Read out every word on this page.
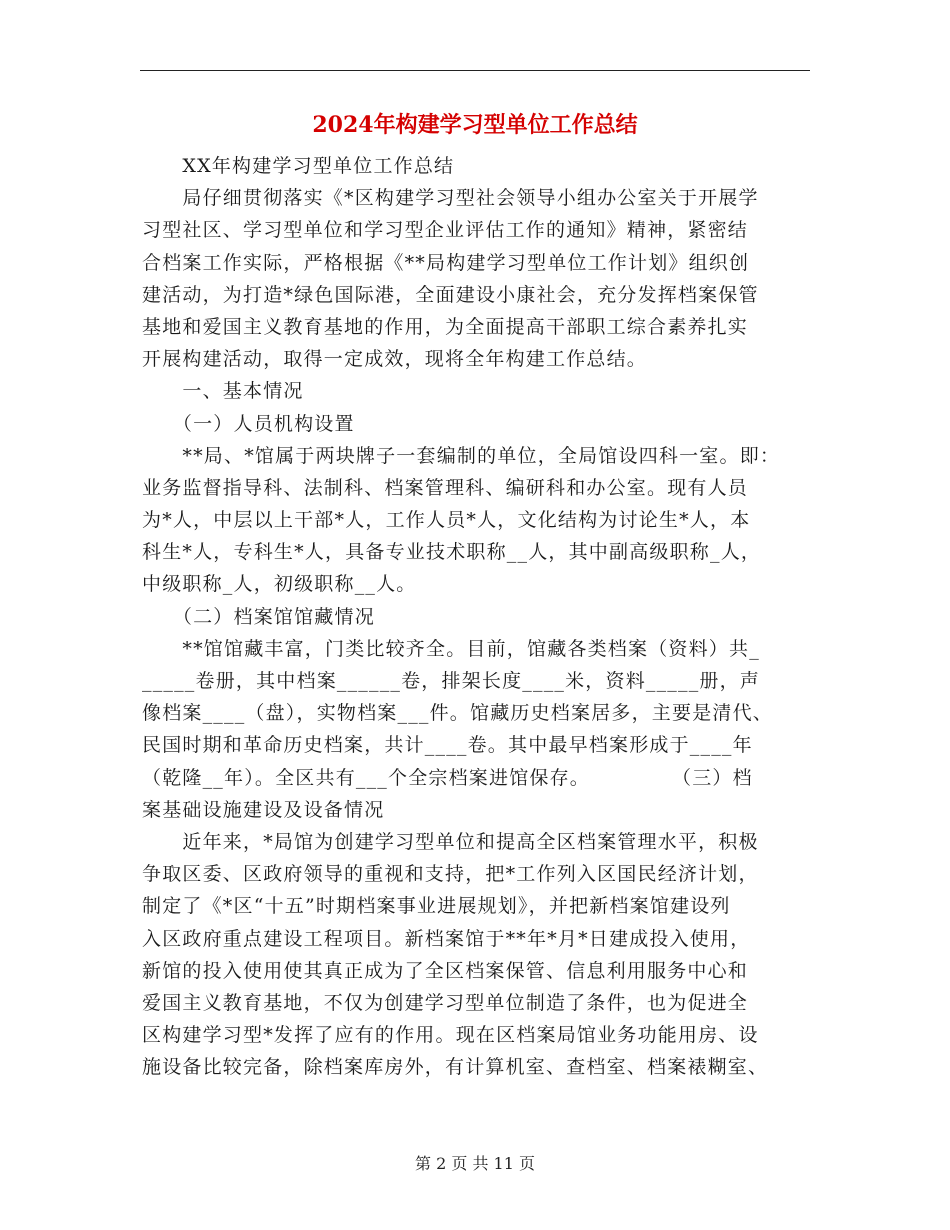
2024年构建学习型单位工作总结
　　XX年构建学习型单位工作总结
　　局仔细贯彻落实《*区构建学习型社会领导小组办公室关于开展学
习型社区、学习型单位和学习型企业评估工作的通知》精神，紧密结
合档案工作实际，严格根据《**局构建学习型单位工作计划》组织创
建活动，为打造*绿色国际港，全面建设小康社会，充分发挥档案保管
基地和爱国主义教育基地的作用，为全面提高干部职工综合素养扎实
开展构建活动，取得一定成效，现将全年构建工作总结。
　　一、基本情况
　　（一）人员机构设置
　　**局、*馆属于两块牌子一套编制的单位，全局馆设四科一室。即：
业务监督指导科、法制科、档案管理科、编研科和办公室。现有人员
为*人，中层以上干部*人，工作人员*人，文化结构为讨论生*人，本
科生*人，专科生*人，具备专业技术职称__人，其中副高级职称_人，
中级职称_人，初级职称__人。
　　（二）档案馆馆藏情况
　　**馆馆藏丰富，门类比较齐全。目前，馆藏各类档案（资料）共_
_____卷册，其中档案______卷，排架长度____米，资料_____册，声
像档案____（盘），实物档案___件。馆藏历史档案居多，主要是清代、
民国时期和革命历史档案，共计____卷。其中最早档案形成于____年
（乾隆__年）。全区共有___个全宗档案进馆保存。　　　　　（三）档
案基础设施建设及设备情况
　　近年来，*局馆为创建学习型单位和提高全区档案管理水平，积极
争取区委、区政府领导的重视和支持，把*工作列入区国民经济计划，
制定了《*区“十五”时期档案事业进展规划》，并把新档案馆建设列
入区政府重点建设工程项目。新档案馆于**年*月*日建成投入使用，
新馆的投入使用使其真正成为了全区档案保管、信息利用服务中心和
爱国主义教育基地，不仅为创建学习型单位制造了条件，也为促进全
区构建学习型*发挥了应有的作用。现在区档案局馆业务功能用房、设
施设备比较完备，除档案库房外，有计算机室、查档室、档案裱糊室、
第 2 页 共 11 页
